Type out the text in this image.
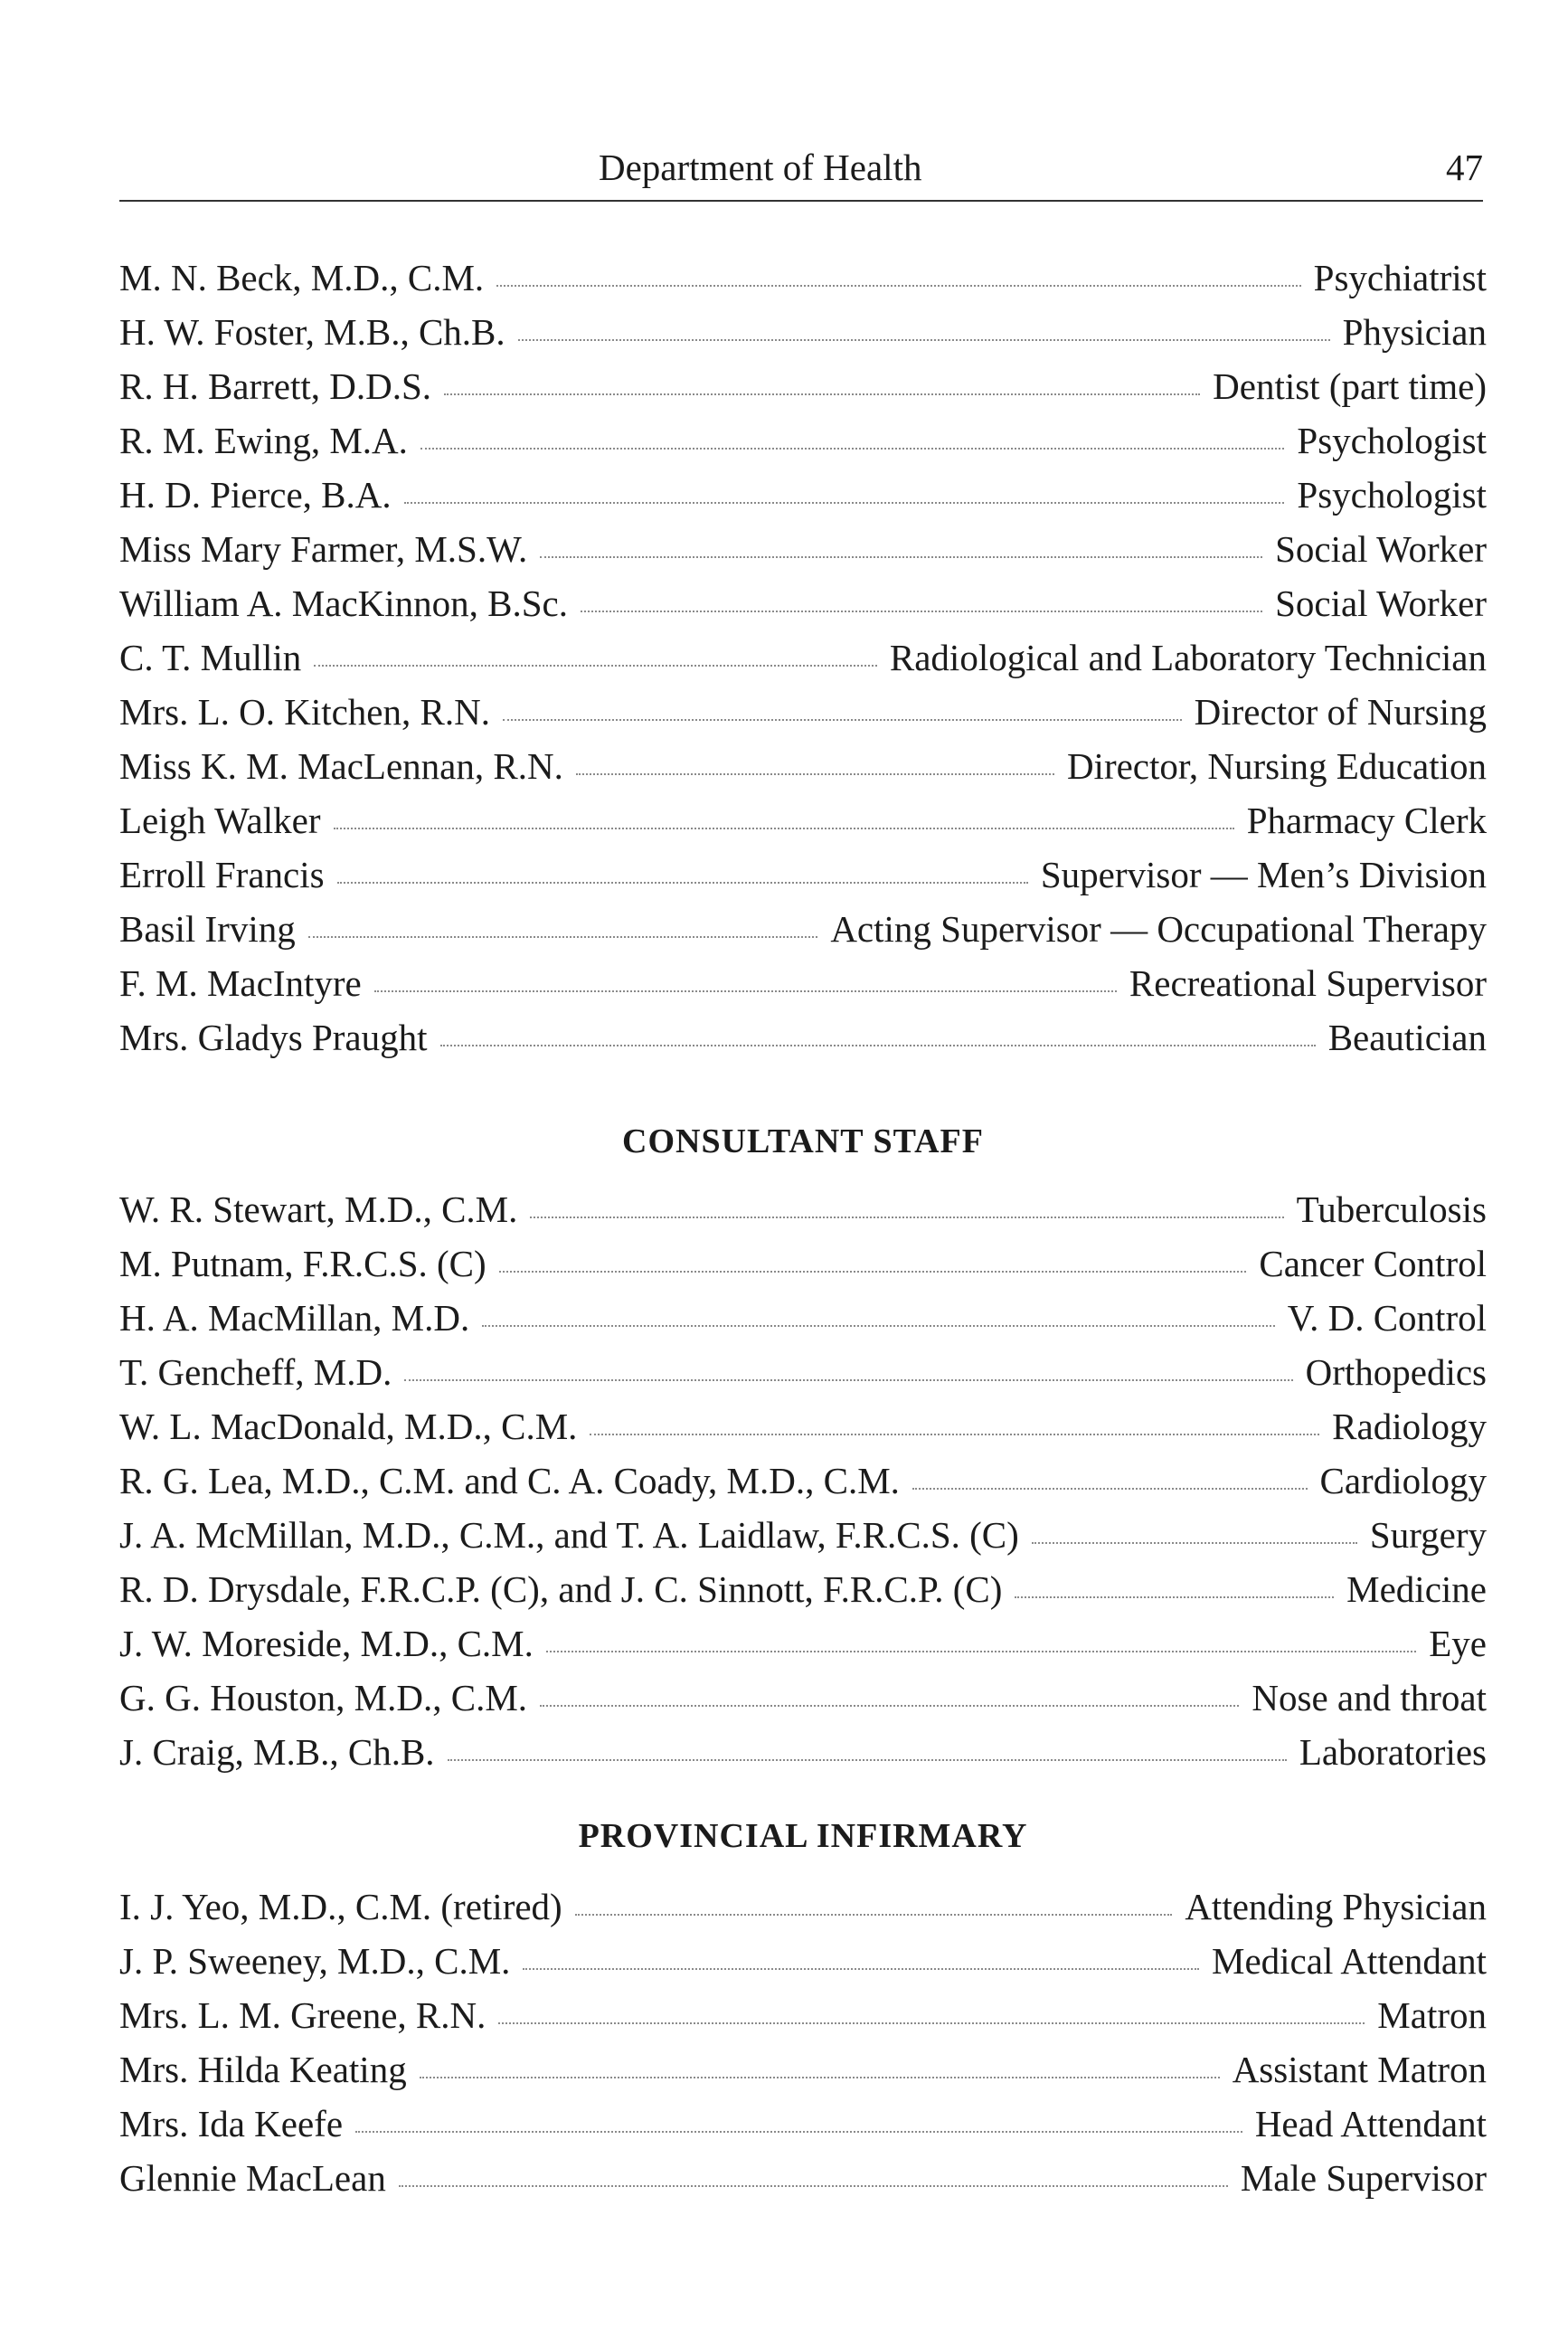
Department of Health	47
M. N. Beck, M.D., C.M.	Psychiatrist
H. W. Foster, M.B., Ch.B.	Physician
R. H. Barrett, D.D.S.	Dentist (part time)
R. M. Ewing, M.A.	Psychologist
H. D. Pierce, B.A.	Psychologist
Miss Mary Farmer, M.S.W.	Social Worker
William A. MacKinnon, B.Sc.	Social Worker
C. T. Mullin	Radiological and Laboratory Technician
Mrs. L. O. Kitchen, R.N.	Director of Nursing
Miss K. M. MacLennan, R.N.	Director, Nursing Education
Leigh Walker	Pharmacy Clerk
Erroll Francis	Supervisor — Men’s Division
Basil Irving	Acting Supervisor — Occupational Therapy
F. M. MacIntyre	Recreational Supervisor
Mrs. Gladys Praught	Beautician
CONSULTANT STAFF
W. R. Stewart, M.D., C.M.	Tuberculosis
M. Putnam, F.R.C.S. (C)	Cancer Control
H. A. MacMillan, M.D.	V. D. Control
T. Gencheff, M.D.	Orthopedics
W. L. MacDonald, M.D., C.M.	Radiology
R. G. Lea, M.D., C.M. and C. A. Coady, M.D., C.M.	Cardiology
J. A. McMillan, M.D., C.M., and T. A. Laidlaw, F.R.C.S. (C)	Surgery
R. D. Drysdale, F.R.C.P. (C), and J. C. Sinnott, F.R.C.P. (C)	Medicine
J. W. Moreside, M.D., C.M.	Eye
G. G. Houston, M.D., C.M.	Nose and throat
J. Craig, M.B., Ch.B.	Laboratories
PROVINCIAL INFIRMARY
I. J. Yeo, M.D., C.M. (retired)	Attending Physician
J. P. Sweeney, M.D., C.M.	Medical Attendant
Mrs. L. M. Greene, R.N.	Matron
Mrs. Hilda Keating	Assistant Matron
Mrs. Ida Keefe	Head Attendant
Glennie MacLean	Male Supervisor
